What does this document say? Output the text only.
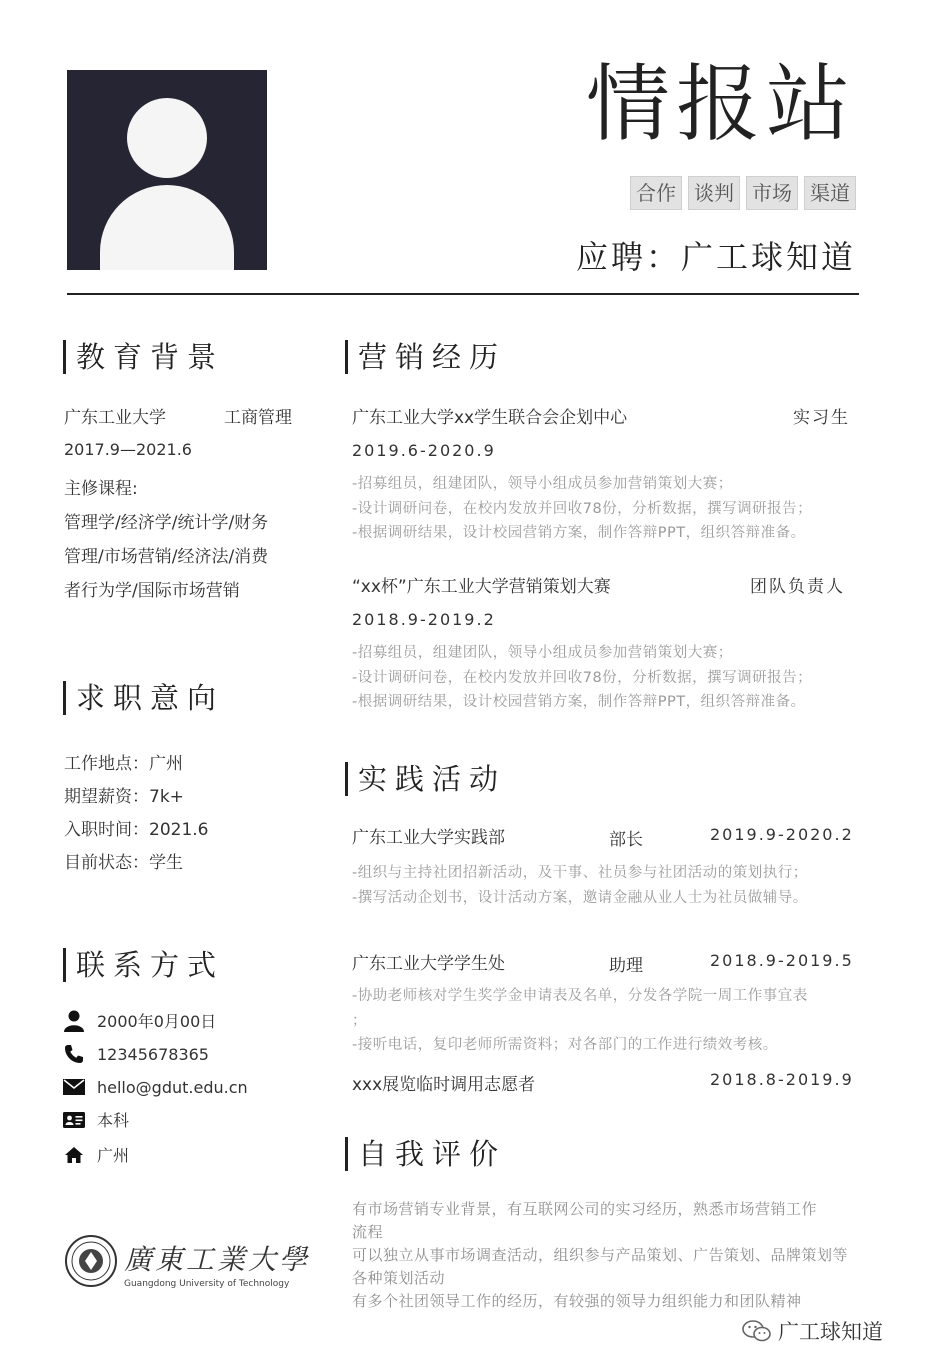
情报站
合作 谈判 市场 渠道
应聘：广工球知道
教育背景
广东工业大学	工商管理
2017.9—2021.6
主修课程:
管理学/经济学/统计学/财务
管理/市场营销/经济法/消费
者行为学/国际市场营销
求职意向
工作地点：广州
期望薪资：7k+
入职时间：2021.6
目前状态：学生
联系方式
2000年0月00日
12345678365
hello@gdut.edu.cn
本科
广州
廣東工業大學
Guangdong University of Technology
营销经历
广东工业大学xx学生联合会企划中心	实习生
2019.6-2020.9
-招募组员，组建团队，领导小组成员参加营销策划大赛；
-设计调研问卷，在校内发放并回收78份，分析数据，撰写调研报告；
-根据调研结果，设计校园营销方案，制作答辩PPT，组织答辩准备。
“xx杯”广东工业大学营销策划大赛	团队负责人
2018.9-2019.2
-招募组员，组建团队，领导小组成员参加营销策划大赛；
-设计调研问卷，在校内发放并回收78份，分析数据，撰写调研报告；
-根据调研结果，设计校园营销方案，制作答辩PPT，组织答辩准备。
实践活动
广东工业大学实践部	部长	2019.9-2020.2
-组织与主持社团招新活动，及干事、社员参与社团活动的策划执行；
-撰写活动企划书，设计活动方案，邀请金融从业人士为社员做辅导。
广东工业大学学生处	助理	2018.9-2019.5
-协助老师核对学生奖学金申请表及名单，分发各学院一周工作事宜表
；
-接听电话，复印老师所需资料；对各部门的工作进行绩效考核。
xxx展览临时调用志愿者	2018.8-2019.9
自我评价
有市场营销专业背景，有互联网公司的实习经历，熟悉市场营销工作
流程
可以独立从事市场调查活动，组织参与产品策划、广告策划、品牌策划等
各种策划活动
有多个社团领导工作的经历，有较强的领导力组织能力和团队精神
广工球知道
